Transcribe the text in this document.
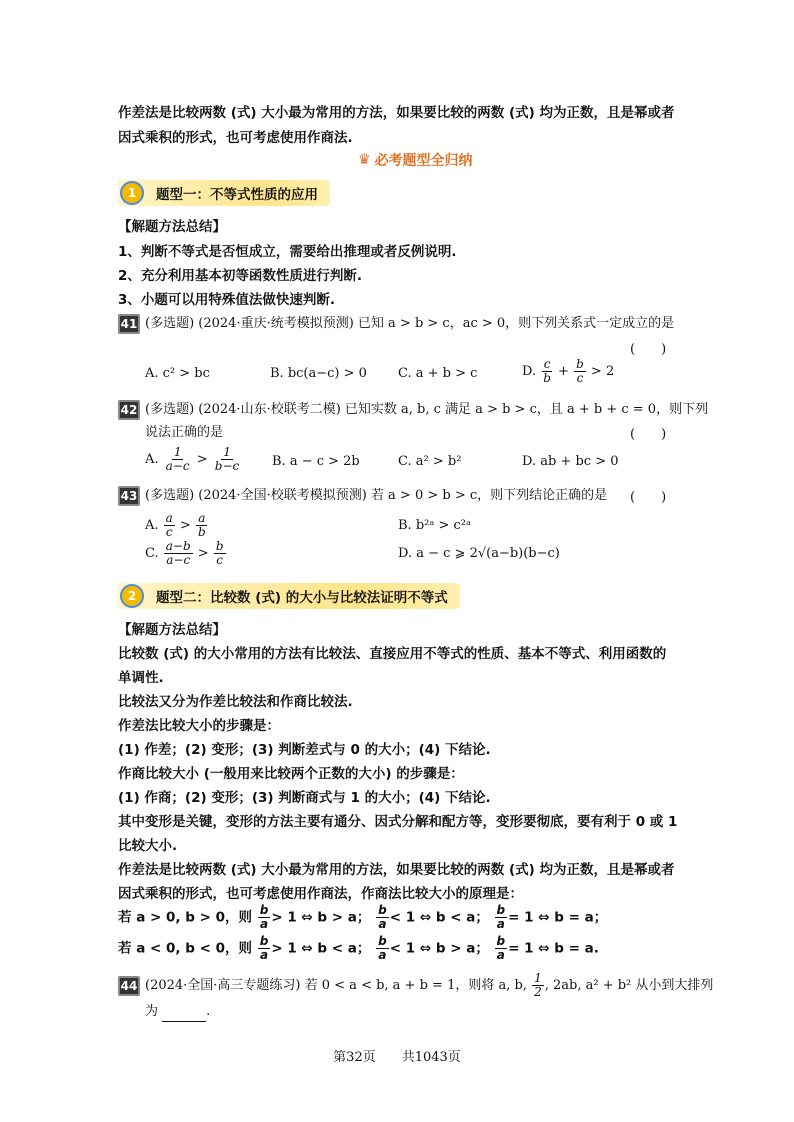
作差法是比较两数 (式) 大小最为常用的方法，如果要比较的两数 (式) 均为正数，且是幂或者
因式乘积的形式，也可考虑使用作商法.
♛ 必考题型全归纳
1	题型一：不等式性质的应用
【解题方法总结】
1、判断不等式是否恒成立，需要给出推理或者反例说明.
2、充分利用基本初等函数性质进行判断.
3、小题可以用特殊值法做快速判断.
41 (多选题) (2024·重庆·统考模拟预测) 已知 a > b > c，ac > 0，则下列关系式一定成立的是
(　　)
A. c² > bc	B. bc(a−c) > 0 C. a + b > c	D. $\frac{c}{b} + \frac{b}{c} > 2$
42 (多选题) (2024·山东·校联考二模) 已知实数 a, b, c 满足 a > b > c，且 a + b + c = 0，则下列
说法正确的是	(　　)
A. $\frac{1}{a-c} > \frac{1}{b-c} B$. a − c > 2b	C. a² > b²	D. ab + bc > 0
43 (多选题) (2024·全国·校联考模拟预测) 若 a > 0 > b > c，则下列结论正确的是 (　　)
A. $\frac{a}{c} > \frac{a}{b}$	B. b²ᵃ > c²ᵃ
C. $\frac{a-b}{a-c} > \frac{b}{c}$	D. a − c ⩾ 2√(a−b)(b−c)
2	题型二：比较数 (式) 的大小与比较法证明不等式
【解题方法总结】
比较数 (式) 的大小常用的方法有比较法、直接应用不等式的性质、基本不等式、利用函数的
单调性.
比较法又分为作差比较法和作商比较法.
作差法比较大小的步骤是：
(1) 作差；(2) 变形；(3) 判断差式与 0 的大小；(4) 下结论.
作商比较大小 (一般用来比较两个正数的大小) 的步骤是：
(1) 作商；(2) 变形；(3) 判断商式与 1 的大小；(4) 下结论.
其中变形是关键，变形的方法主要有通分、因式分解和配方等，变形要彻底，要有利于 0 或 1
比较大小.
作差法是比较两数 (式) 大小最为常用的方法，如果要比较的两数 (式) 均为正数，且是幂或者
因式乘积的形式，也可考虑使用作商法，作商法比较大小的原理是：
若 a > 0, b > 0，则 $\frac{b}{a} > 1$ ⇔ b > a； $\frac{b}{a} < 1$ ⇔ b < a； $\frac{b}{a} = 1$ ⇔ b = a；
若 a < 0, b < 0，则 $\frac{b}{a} > 1$ ⇔ b < a； $\frac{b}{a} < 1$ ⇔ b > a； $\frac{b}{a} = 1$ ⇔ b = a.
44 (2024·全国·高三专题练习) 若 0 < a < b, a + b = 1，则将 a, b, $\frac{1}{2}$ , 2ab, a² + b² 从小到大排列
为	.
第32页　　共1043页
